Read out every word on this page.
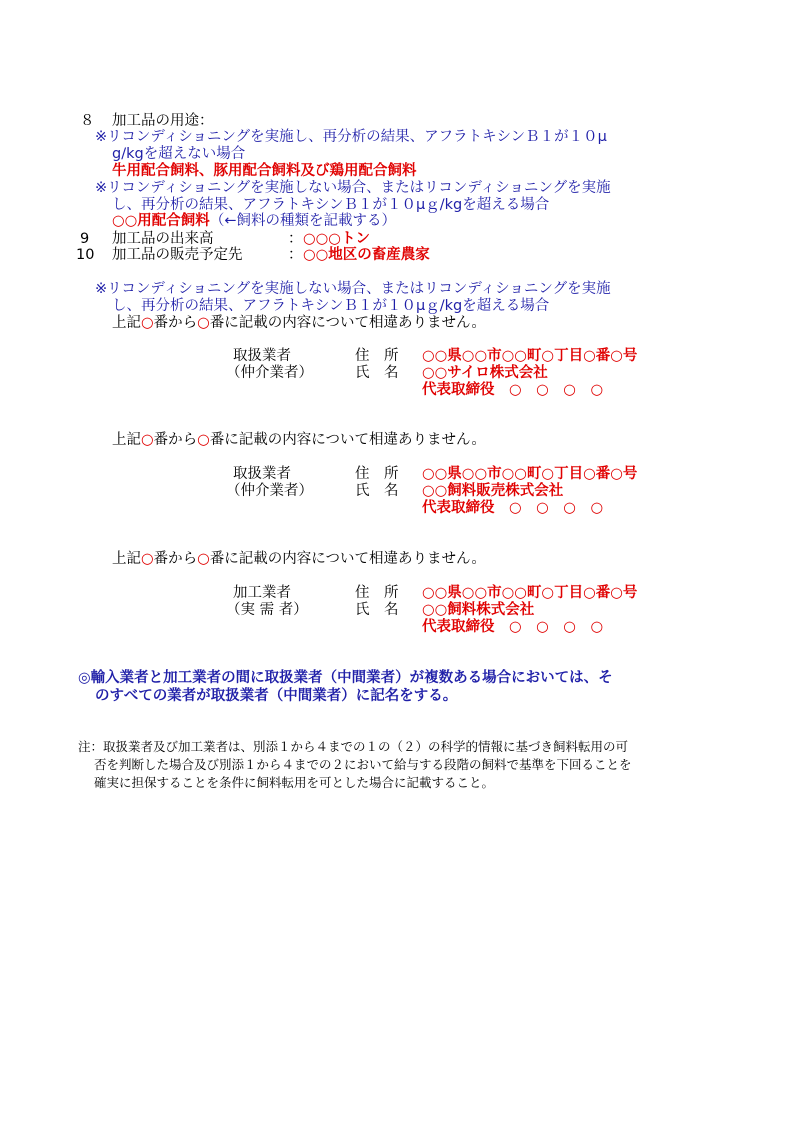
８ 加工品の用途：
※リコンディショニングを実施し、再分析の結果、アフラトキシンＢ１が１０μ
g/kgを超えない場合
牛用配合飼料、豚用配合飼料及び鶏用配合飼料
※リコンディショニングを実施しない場合、またはリコンディショニングを実施
し、再分析の結果、アフラトキシンＢ１が１０μｇ/kgを超える場合
○○用配合飼料（←飼料の種類を記載する）
9 加工品の出来高	： ○○○トン
10 加工品の販売予定先	： ○○地区の畜産農家
※リコンディショニングを実施しない場合、またはリコンディショニングを実施
し、再分析の結果、アフラトキシンＢ１が１０μｇ/kgを超える場合
上記○番から○番に記載の内容について相違ありません。
取扱業者
（仲介業者）
住　所
氏　名
○○県○○市○○町○丁目○番○号
○○サイロ株式会社
代表取締役　○　○　○　○
上記○番から○番に記載の内容について相違ありません。
取扱業者
（仲介業者）
住　所
氏　名
○○県○○市○○町○丁目○番○号
○○飼料販売株式会社
代表取締役　○　○　○　○
上記○番から○番に記載の内容について相違ありません。
加工業者
（実 需 者）
住　所
氏　名
○○県○○市○○町○丁目○番○号
○○飼料株式会社
代表取締役　○　○　○　○
◎輸入業者と加工業者の間に取扱業者（中間業者）が複数ある場合においては、そ
のすべての業者が取扱業者（中間業者）に記名をする。
注：取扱業者及び加工業者は、別添１から４までの１の（２）の科学的情報に基づき飼料転用の可
否を判断した場合及び別添１から４までの２において給与する段階の飼料で基準を下回ることを
確実に担保することを条件に飼料転用を可とした場合に記載すること。
